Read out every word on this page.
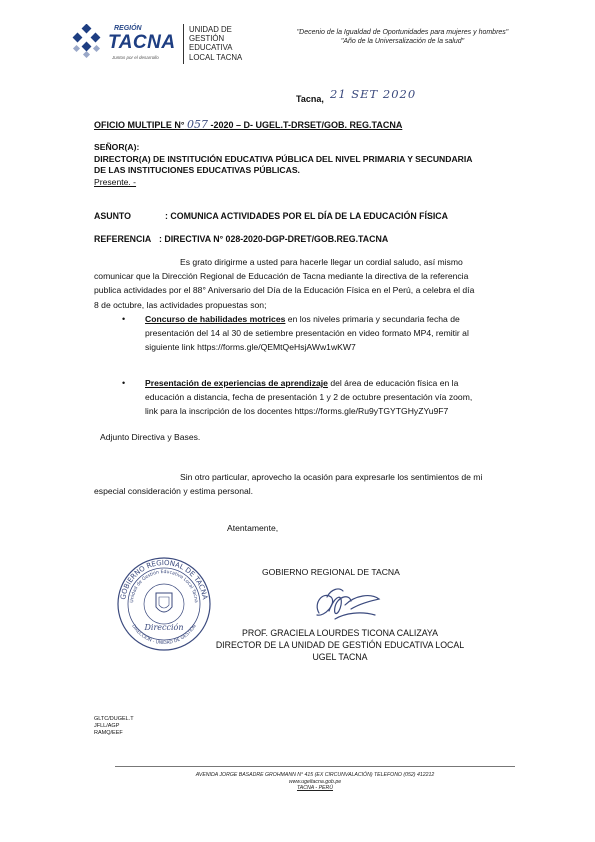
REGIÓN
TACNA
Juntos por el desarrollo
UNIDAD DE
GESTIÓN
EDUCATIVA
LOCAL TACNA
"Decenio de la Igualdad de Oportunidades para mujeres y hombres"
"Año de la Universalización de la salud"
Tacna, 21 SET 2020
OFICIO MULTIPLE N° 057 -2020 – D- UGEL.T-DRSET/GOB. REG.TACNA
SEÑOR(A):
DIRECTOR(A) DE INSTITUCIÓN EDUCATIVA PÚBLICA DEL NIVEL PRIMARIA Y SECUNDARIA
DE LAS INSTITUCIONES EDUCATIVAS PÚBLICAS.
Presente. -
ASUNTO	: COMUNICA ACTIVIDADES POR EL DÍA DE LA EDUCACIÓN FÍSICA
REFERENCIA : DIRECTIVA N° 028-2020-DGP-DRET/GOB.REG.TACNA
Es grato dirigirme a usted para hacerle llegar un cordial saludo, así mismo
comunicar que la Dirección Regional de Educación de Tacna mediante la directiva de la referencia
publica actividades por el 88° Aniversario del Día de la Educación Física en el Perú, a celebra el día
8 de octubre, las actividades propuestas son;
• Concurso de habilidades motrices en los niveles primaria y secundaria fecha de
presentación del 14 al 30 de setiembre presentación en video formato MP4, remitir al
siguiente link https://forms.gle/QEMtQeHsjAWw1wKW7
• Presentación de experiencias de aprendizaje del área de educación física en la
educación a distancia, fecha de presentación 1 y 2 de octubre presentación vía zoom,
link para la inscripción de los docentes https://forms.gle/Ru9yTGYTGHyZYu9F7
Adjunto Directiva y Bases.
Sin otro particular, aprovecho la ocasión para expresarle los sentimientos de mi
especial consideración y estima personal.
Atentamente,
GOBIERNO REGIONAL DE TACNA
Unidad de Gestión Educativa Local Tacna
DIRECCIÓN - UNIDAD DE GESTIÓN
Dirección
GOBIERNO REGIONAL DE TACNA
PROF. GRACIELA LOURDES TICONA CALIZAYA
DIRECTOR DE LA UNIDAD DE GESTIÓN EDUCATIVA LOCAL
UGEL TACNA
GLTC/DUGEL.T
JFLL/AGP
RAMQ/EEF
AVENIDA JORGE BASADRE GROHMANN N° 415 (EX CIRCUNVALACIÓN) TELEFONO (052) 412212
www.ugeltacna.gob.pe
TACNA - PERÚ
